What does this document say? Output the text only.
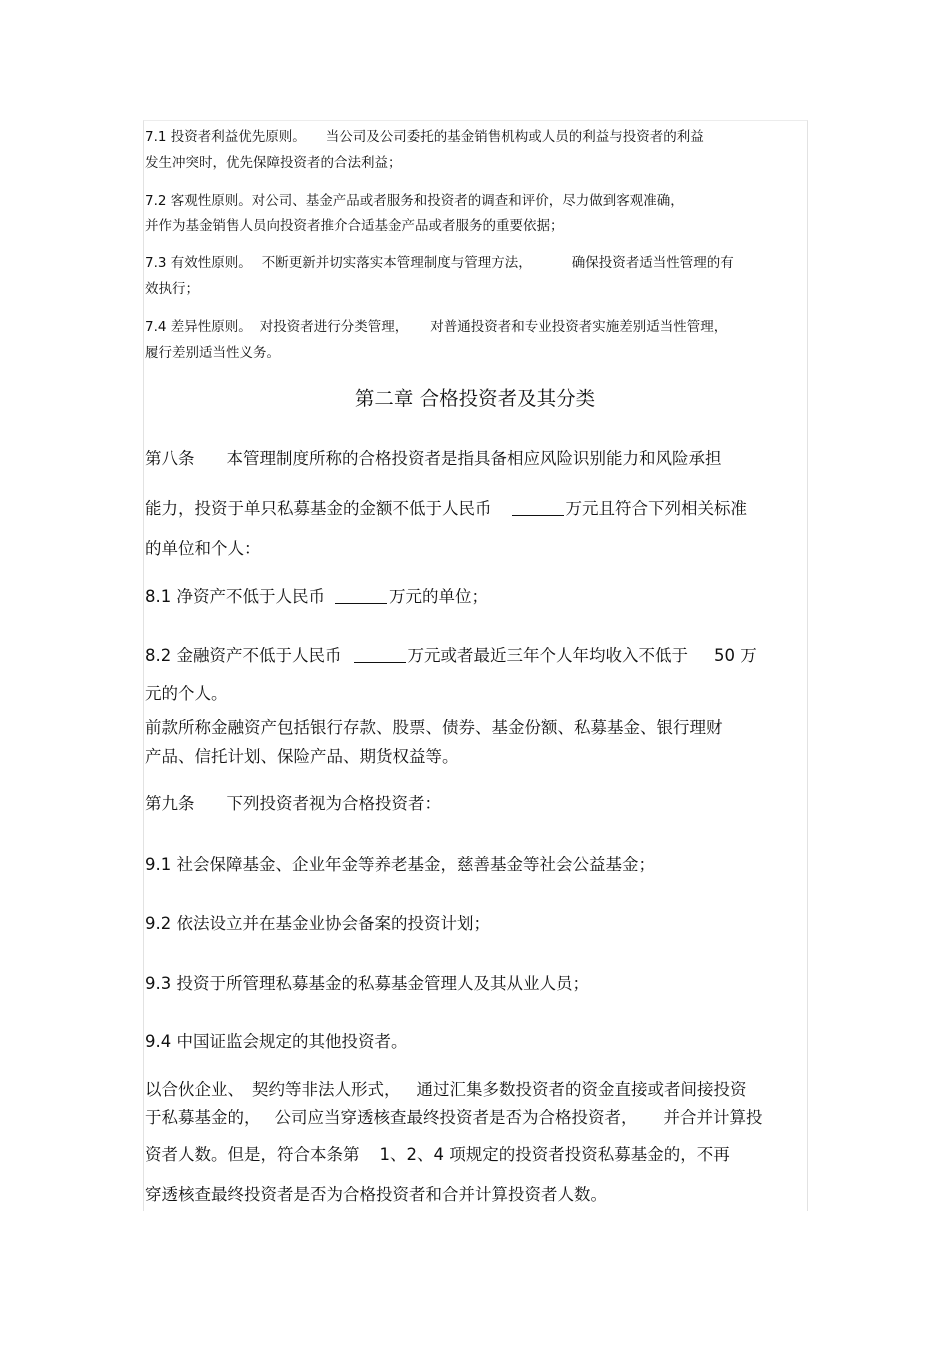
7.1 投资者利益优先原则。 当公司及公司委托的基金销售机构或人员的利益与投资者的利益
发生冲突时，优先保障投资者的合法利益；
7.2 客观性原则。对公司、基金产品或者服务和投资者的调查和评价，尽力做到客观准确，
并作为基金销售人员向投资者推介合适基金产品或者服务的重要依据；
7.3 有效性原则。 不断更新并切实落实本管理制度与管理方法，	确保投资者适当性管理的有
效执行；
7.4 差异性原则。 对投资者进行分类管理， 对普通投资者和专业投资者实施差别适当性管理，
履行差别适当性义务。
第二章 合格投资者及其分类
第八条 本管理制度所称的合格投资者是指具备相应风险识别能力和风险承担
能力，投资于单只私募基金的金额不低于人民币	万元且符合下列相关标准
的单位和个人：
8.1 净资产不低于人民币	万元的单位；
8.2 金融资产不低于人民币	万元或者最近三年个人年均收入不低于 50 万
元的个人。
前款所称金融资产包括银行存款、股票、债券、基金份额、私募基金、银行理财
产品、信托计划、保险产品、期货权益等。
第九条 下列投资者视为合格投资者：
9.1 社会保障基金、企业年金等养老基金，慈善基金等社会公益基金；
9.2 依法设立并在基金业协会备案的投资计划；
9.3 投资于所管理私募基金的私募基金管理人及其从业人员；
9.4 中国证监会规定的其他投资者。
以合伙企业、 契约等非法人形式， 通过汇集多数投资者的资金直接或者间接投资
于私募基金的， 公司应当穿透核查最终投资者是否为合格投资者， 并合并计算投
资者人数。但是，符合本条第 1、2、4 项规定的投资者投资私募基金的，不再
穿透核查最终投资者是否为合格投资者和合并计算投资者人数。
